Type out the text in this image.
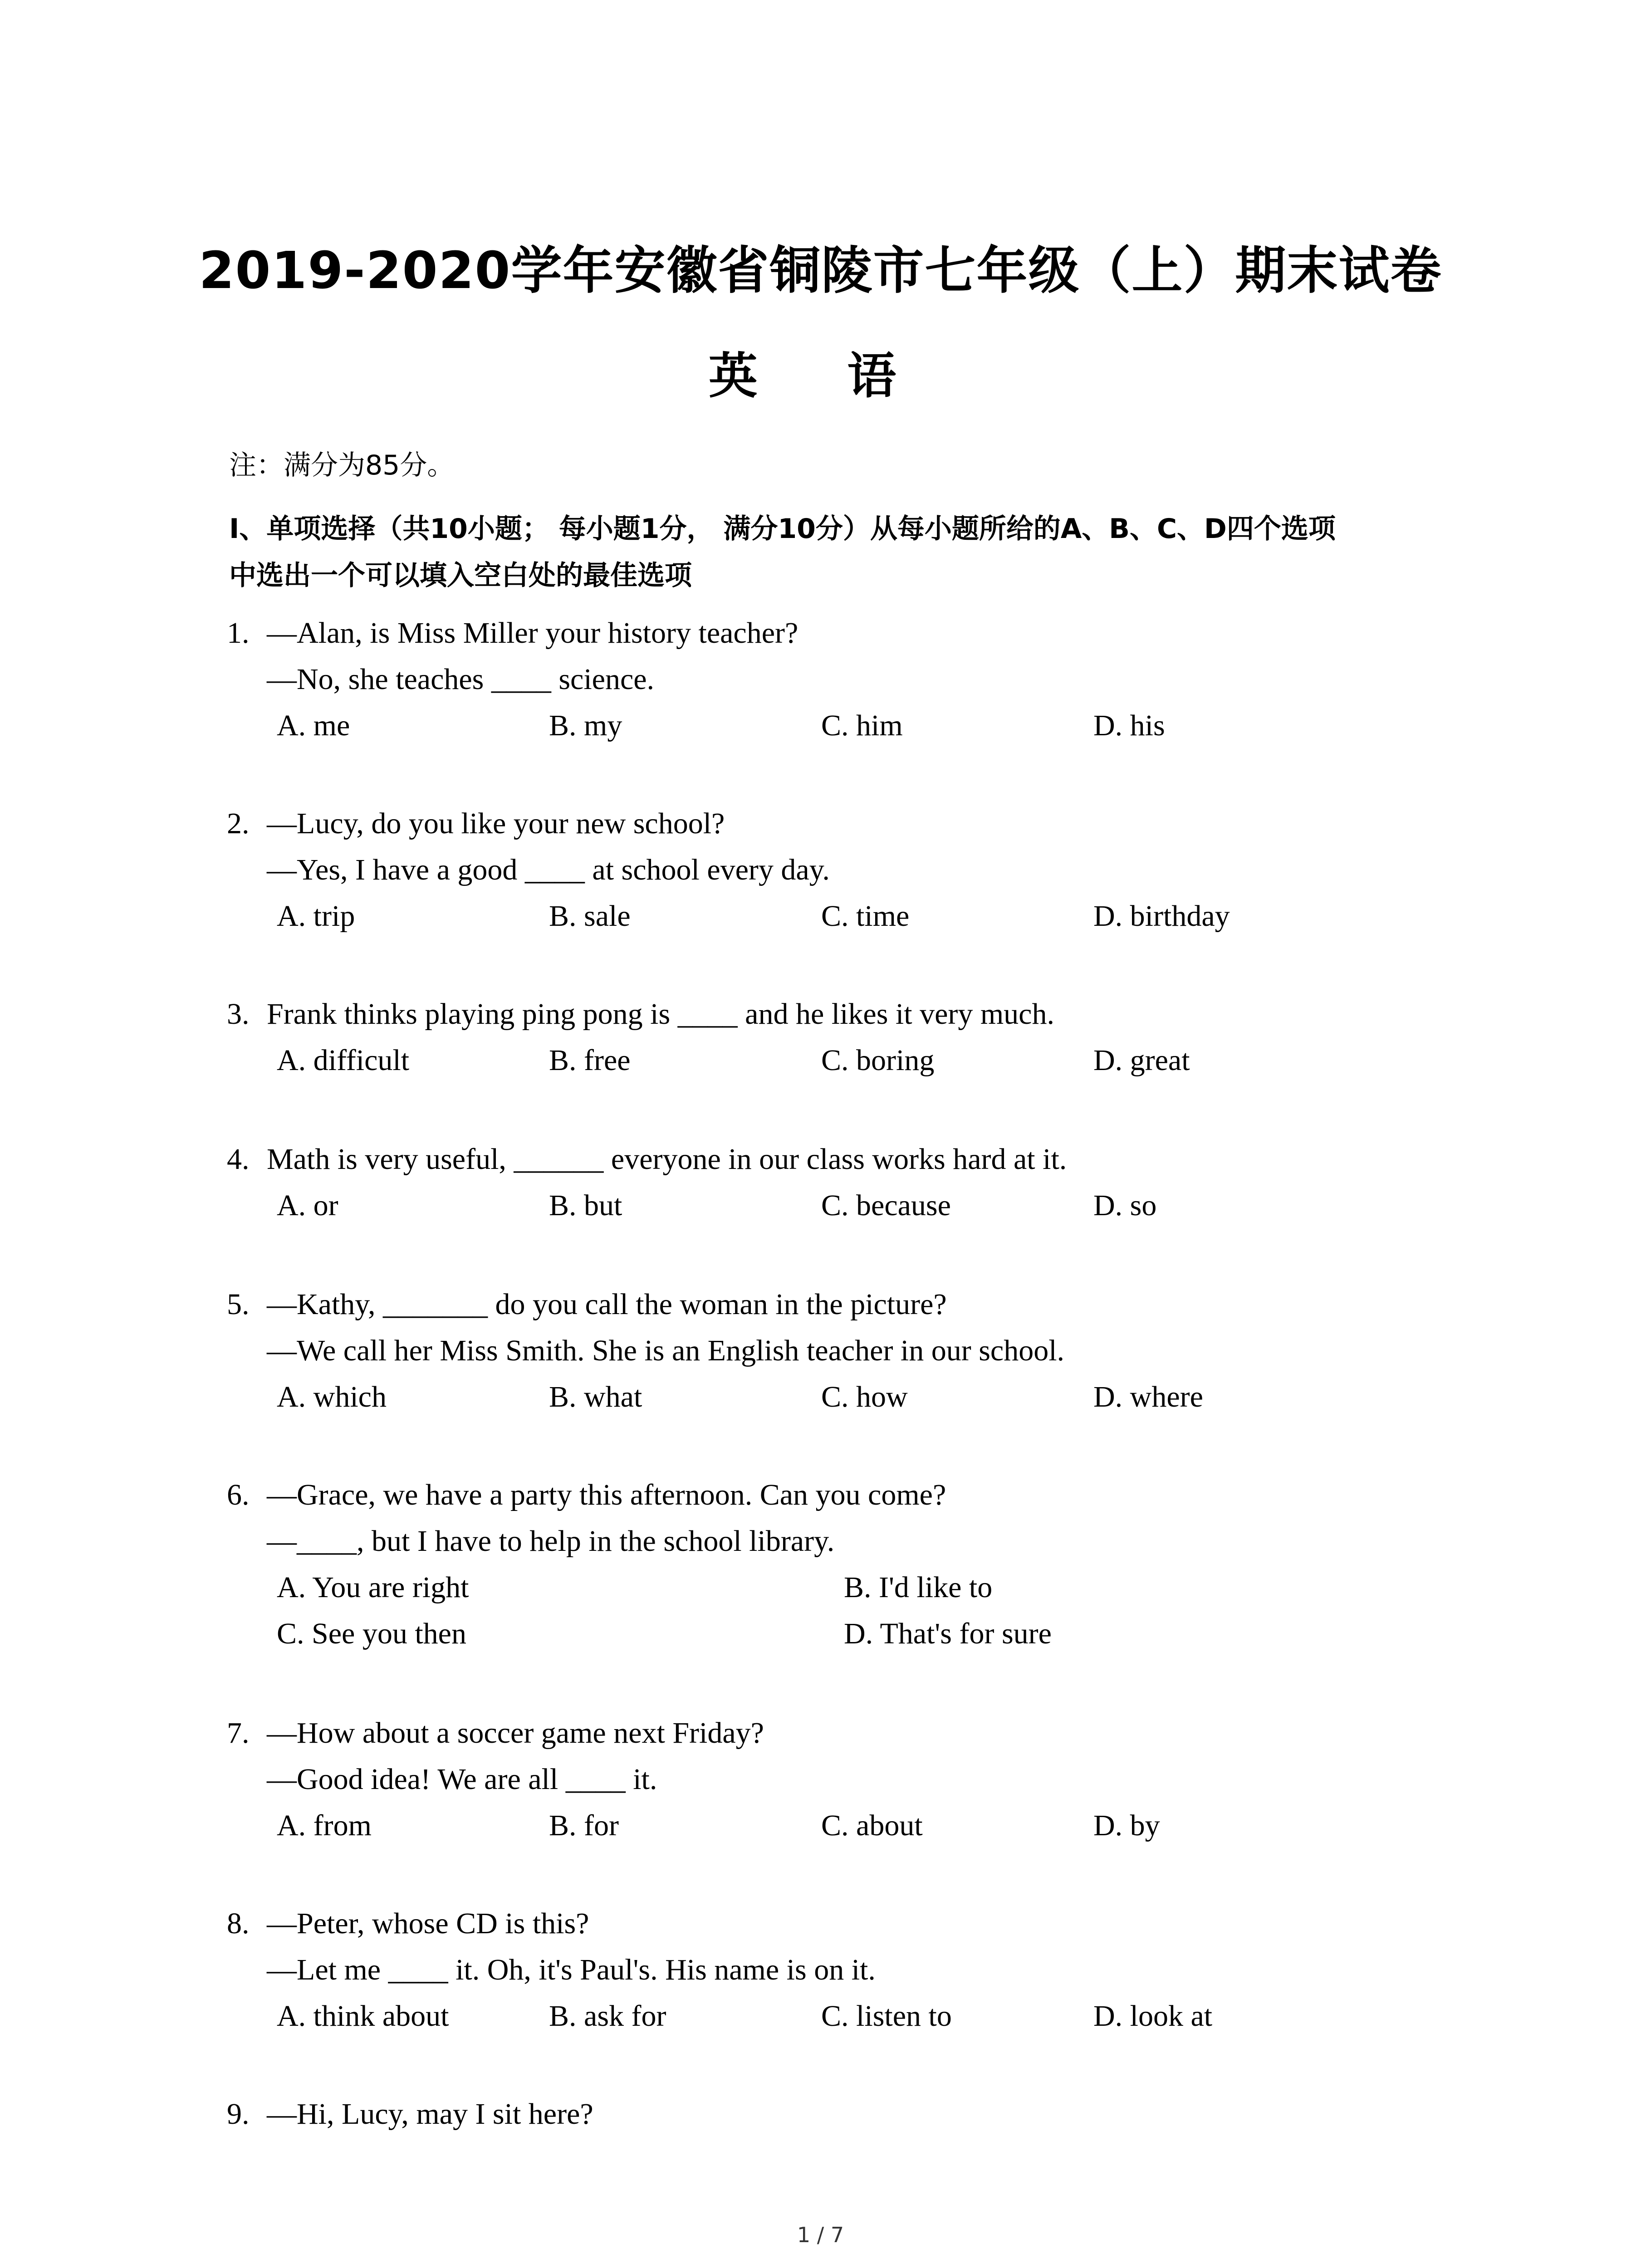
2019-2020学年安徽省铜陵市七年级（上）期末试卷
英 语
注：满分为85分。
Ⅰ、单项选择（共10小题； 每小题1分， 满分10分）从每小题所给的A、B、C、D四个选项
中选出一个可以填入空白处的最佳选项
1. —Alan, is Miss Miller your history teacher?
—No, she teaches ____ science.
A. me	B. my	C. him	D. his
2. —Lucy, do you like your new school?
—Yes, I have a good ____ at school every day.
A. trip	B. sale	C. time	D. birthday
3. Frank thinks playing ping pong is ____ and he likes it very much.
A. difficult	B. free	C. boring	D. great
4. Math is very useful, ______ everyone in our class works hard at it.
A. or	B. but	C. because	D. so
5. —Kathy, _______ do you call the woman in the picture?
—We call her Miss Smith. She is an English teacher in our school.
A. which	B. what	C. how	D. where
6. —Grace, we have a party this afternoon. Can you come?
—____, but I have to help in the school library.
A. You are right	B. I'd like to
C. See you then	D. That's for sure
7. —How about a soccer game next Friday?
—Good idea! We are all ____ it.
A. from	B. for	C. about	D. by
8. —Peter, whose CD is this?
—Let me ____ it. Oh, it's Paul's. His name is on it.
A. think about	B. ask for	C. listen to	D. look at
9. —Hi, Lucy, may I sit here?
1 / 7
